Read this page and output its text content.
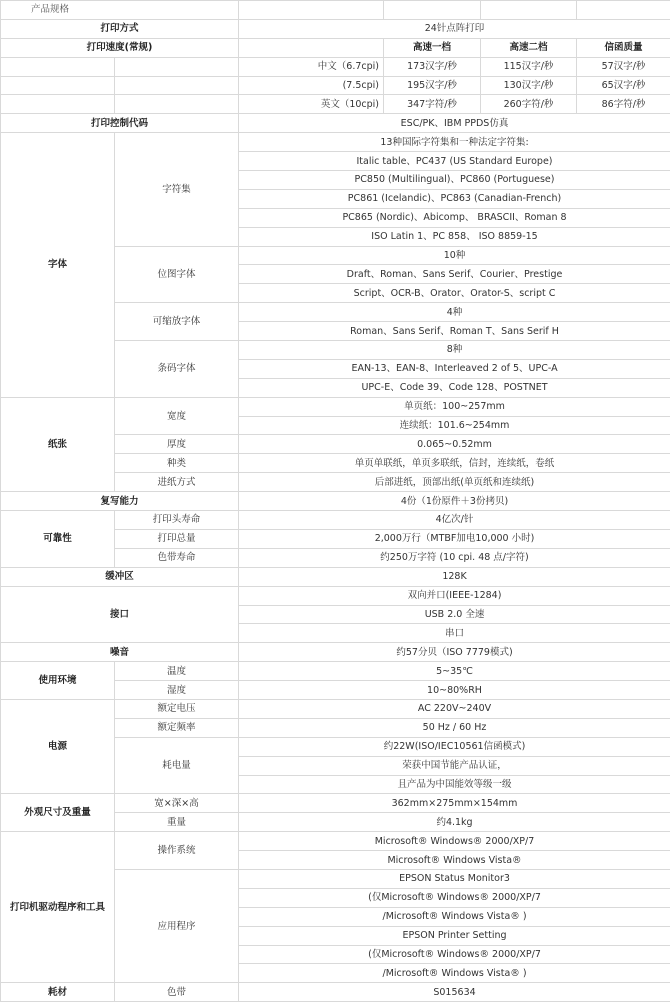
产品规格					
打印方式		24针点阵打印			
打印速度(常规)			高速一档	高速二档	信函质量
		中文（6.7cpi)	173汉字/秒	115汉字/秒	57汉字/秒
		(7.5cpi)	195汉字/秒	130汉字/秒	65汉字/秒
		英文（10cpi)	347字符/秒	260字符/秒	86字符/秒
打印控制代码		ESC/PK、IBM PPDS仿真			
字体	字符集	13种国际字符集和一种法定字符集:			
		Italic table、PC437 (US Standard Europe)			
		PC850 (Multilingual)、PC860 (Portuguese)			
		PC861 (Icelandic)、PC863 (Canadian-French)			
		PC865 (Nordic)、Abicomp、 BRASCII、Roman 8			
		ISO Latin 1、PC 858、 ISO 8859-15			
	位图字体	10种			
		Draft、Roman、Sans Serif、Courier、Prestige			
		Script、OCR-B、Orator、Orator-S、script C			
	可缩放字体	4种			
		Roman、Sans Serif、Roman T、Sans Serif H			
	条码字体	8种			
		EAN-13、EAN-8、Interleaved 2 of 5、UPC-A			
		UPC-E、Code 39、Code 128、POSTNET			
纸张	宽度	单页纸：100~257mm			
		连续纸：101.6~254mm			
	厚度	0.065~0.52mm			
	种类	单页单联纸，单页多联纸，信封，连续纸，卷纸			
	进纸方式	后部进纸，顶部出纸(单页纸和连续纸)			
复写能力		4份（1份原件＋3份拷贝)			
可靠性	打印头寿命	4亿次/针			
	打印总量	2,000万行（MTBF加电10,000 小时)			
	色带寿命	约250万字符 (10 cpi. 48 点/字符)			
缓冲区		128K			
接口		双向并口(IEEE-1284)			
		USB 2.0 全速			
		串口			
噪音		约57分贝（ISO 7779模式)			
使用环境	温度	5~35℃			
	湿度	10~80%RH			
电源	额定电压	AC 220V~240V			
	额定频率	50 Hz / 60 Hz			
	耗电量	约22W(ISO/IEC10561信函模式)			
		荣获中国节能产品认证，			
		且产品为中国能效等级一级			
外观尺寸及重量	宽×深×高	362mm×275mm×154mm			
	重量	约4.1kg			
打印机驱动程序和工具	操作系统	Microsoft® Windows® 2000/XP/7			
		Microsoft® Windows Vista®			
	应用程序	EPSON Status Monitor3			
		(仅Microsoft® Windows® 2000/XP/7			
		/Microsoft® Windows Vista® )			
		EPSON Printer Setting			
		(仅Microsoft® Windows® 2000/XP/7			
		/Microsoft® Windows Vista® )			
耗材	色带	S015634			
